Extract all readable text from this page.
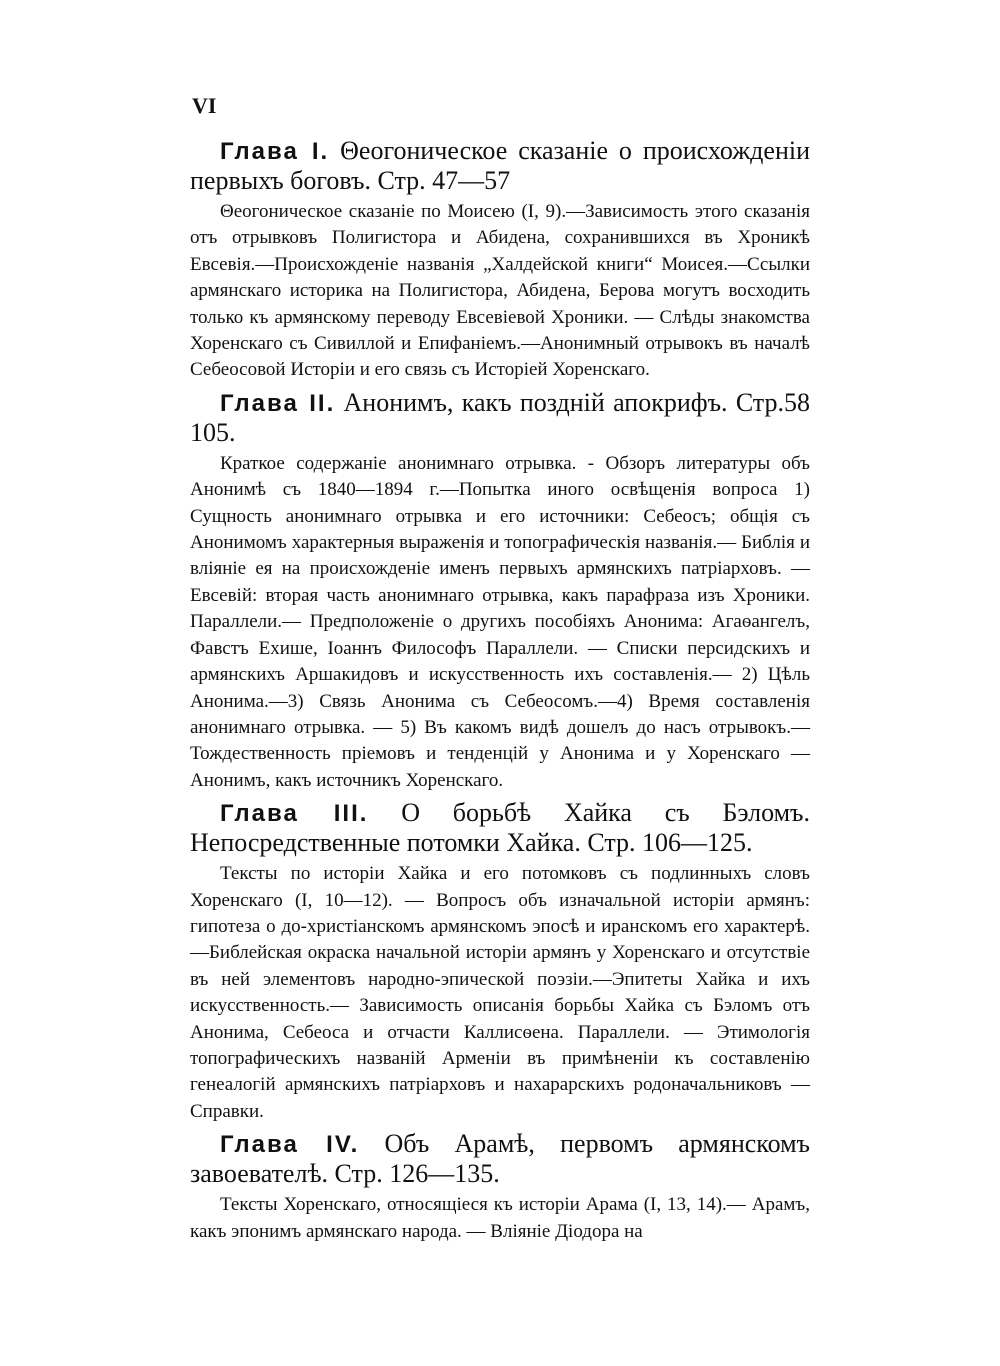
VI

Глава I. Θеогоническое сказаніе о происхожденіи первыхъ боговъ. Стр. 47—57

Θеогоническое сказаніе по Моисею (I, 9).—Зависимость этого сказанія отъ отрывковъ Полигистора и Абидена, сохранившихся въ Хроникѣ Евсевія.—Происхожденіе названія „Халдейской книги“ Моисея.—Ссылки армянскаго историка на Полигистора, Абидена, Берова могутъ восходить только къ армянскому переводу Евсевіевой Хроники. — Слѣды знакомства Хоренскаго съ Сивиллой и Епифаніемъ.—Анонимный отрывокъ въ началѣ Себеосовой Исторіи и его связь съ Исторіей Хоренскаго.

Глава II. Анонимъ, какъ поздній апокрифъ. Стр.58 105.

Краткое содержаніе анонимнаго отрывка. - Обзоръ литературы объ Анонимѣ съ 1840—1894 г.—Попытка иного освѣщенія вопроса 1) Сущность анонимнаго отрывка и его источники: Себеосъ; общія съ Анонимомъ характерныя выраженія и топографическія названія.— Библія и вліяніе ея на происхожденіе именъ первыхъ армянскихъ патріарховъ. — Евсевій: вторая часть анонимнаго отрывка, какъ парафраза изъ Хроники. Параллели.— Предположеніе о другихъ пособіяхъ Анонима: Агаѳангелъ, Фавстъ Ехише, Іоаннъ Философъ Параллели. — Списки персидскихъ и армянскихъ Аршакидовъ и искусственность ихъ составленія.— 2) Цѣль Анонима.—3) Связь Анонима съ Себеосомъ.—4) Время составленія анонимнаго отрывка. — 5) Въ какомъ видѣ дошелъ до насъ отрывокъ.—Тождественность пріемовъ и тенденцій у Анонима и у Хоренскаго — Анонимъ, какъ источникъ Хоренскаго.

Глава III. О борьбѣ Хайка съ Бэломъ. Непосредственные потомки Хайка. Стр. 106—125.

Тексты по исторіи Хайка и его потомковъ съ подлинныхъ словъ Хоренскаго (I, 10—12). — Вопросъ объ изначальной исторіи армянъ: гипотеза о до-христіанскомъ армянскомъ эпосѣ и иранскомъ его характерѣ.—Библейская окраска начальной исторіи армянъ у Хоренскаго и отсутствіе въ ней элементовъ народно-эпической поэзіи.—Эпитеты Хайка и ихъ искусственность.— Зависимость описанія борьбы Хайка съ Бэломъ отъ Анонима, Себеоса и отчасти Каллисѳена. Параллели. — Этимологія топографическихъ названій Арменіи въ примѣненіи къ составленію генеалогій армянскихъ патріарховъ и нахарарскихъ родоначальниковъ — Справки.

Глава IV. Объ Арамѣ, первомъ армянскомъ завоевателѣ. Стр. 126—135.

Тексты Хоренскаго, относящіеся къ исторіи Арама (I, 13, 14).— Арамъ, какъ эпонимъ армянскаго народа. — Вліяніе Діодора на
